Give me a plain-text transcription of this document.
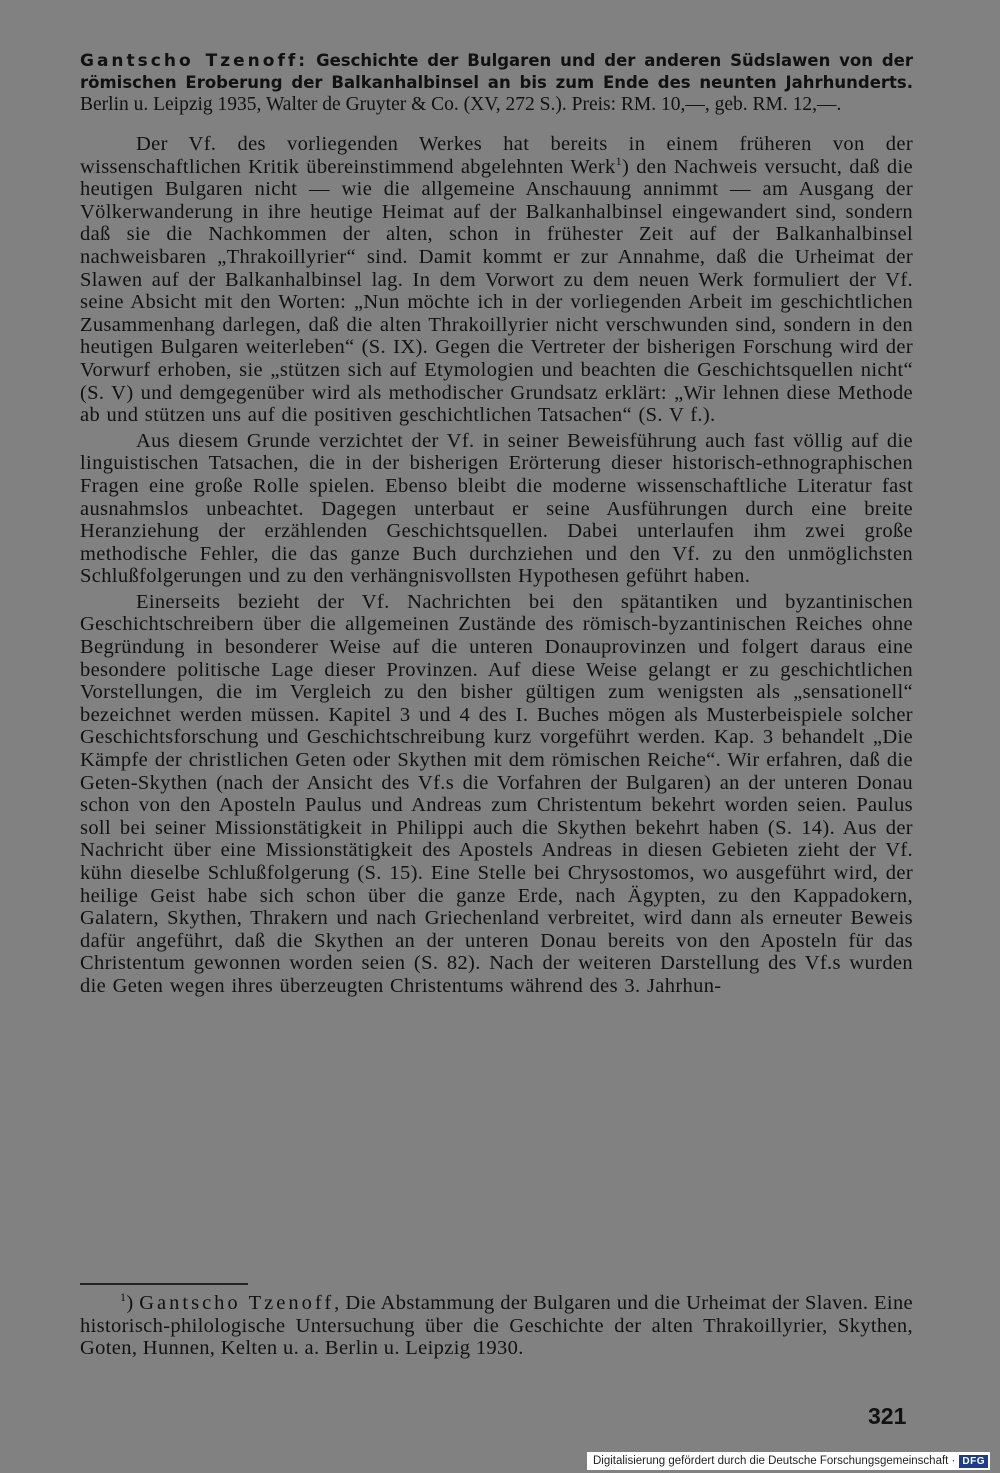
Gantscho Tzenoff: Geschichte der Bulgaren und der anderen Südslawen von der römischen Eroberung der Balkanhalbinsel an bis zum Ende des neunten Jahrhunderts. Berlin u. Leipzig 1935, Walter de Gruyter & Co. (XV, 272 S.). Preis: RM. 10,—, geb. RM. 12,—.

Der Vf. des vorliegenden Werkes hat bereits in einem früheren von der wissenschaftlichen Kritik übereinstimmend abgelehnten Werk$^1$) den Nachweis versucht, daß die heutigen Bulgaren nicht — wie die allgemeine Anschauung annimmt — am Ausgang der Völkerwanderung in ihre heutige Heimat auf der Balkanhalbinsel eingewandert sind, sondern daß sie die Nachkommen der alten, schon in frühester Zeit auf der Balkanhalbinsel nachweisbaren „Thrakoillyrier“ sind. Damit kommt er zur Annahme, daß die Urheimat der Slawen auf der Balkanhalbinsel lag. In dem Vorwort zu dem neuen Werk formuliert der Vf. seine Absicht mit den Worten: „Nun möchte ich in der vorliegenden Arbeit im geschichtlichen Zusammenhang darlegen, daß die alten Thrakoillyrier nicht verschwunden sind, sondern in den heutigen Bulgaren weiterleben“ (S. IX). Gegen die Vertreter der bisherigen Forschung wird der Vorwurf erhoben, sie „stützen sich auf Etymologien und beachten die Geschichtsquellen nicht“ (S. V) und demgegenüber wird als methodischer Grundsatz erklärt: „Wir lehnen diese Methode ab und stützen uns auf die positiven geschichtlichen Tatsachen“ (S. V f.).

Aus diesem Grunde verzichtet der Vf. in seiner Beweisführung auch fast völlig auf die linguistischen Tatsachen, die in der bisherigen Erörterung dieser historisch-ethnographischen Fragen eine große Rolle spielen. Ebenso bleibt die moderne wissenschaftliche Literatur fast ausnahmslos unbeachtet. Dagegen unterbaut er seine Ausführungen durch eine breite Heranziehung der erzählenden Geschichtsquellen. Dabei unterlaufen ihm zwei große methodische Fehler, die das ganze Buch durchziehen und den Vf. zu den unmöglichsten Schlußfolgerungen und zu den verhängnisvollsten Hypothesen geführt haben.

Einerseits bezieht der Vf. Nachrichten bei den spätantiken und byzantinischen Geschichtschreibern über die allgemeinen Zustände des römisch-byzantinischen Reiches ohne Begründung in besonderer Weise auf die unteren Donauprovinzen und folgert daraus eine besondere politische Lage dieser Provinzen. Auf diese Weise gelangt er zu geschichtlichen Vorstellungen, die im Vergleich zu den bisher gültigen zum wenigsten als „sensationell“ bezeichnet werden müssen. Kapitel 3 und 4 des I. Buches mögen als Musterbeispiele solcher Geschichtsforschung und Geschichtschreibung kurz vorgeführt werden. Kap. 3 behandelt „Die Kämpfe der christlichen Geten oder Skythen mit dem römischen Reiche“. Wir erfahren, daß die Geten-Skythen (nach der Ansicht des Vf.s die Vorfahren der Bulgaren) an der unteren Donau schon von den Aposteln Paulus und Andreas zum Christentum bekehrt worden seien. Paulus soll bei seiner Missionstätigkeit in Philippi auch die Skythen bekehrt haben (S. 14). Aus der Nachricht über eine Missionstätigkeit des Apostels Andreas in diesen Gebieten zieht der Vf. kühn dieselbe Schlußfolgerung (S. 15). Eine Stelle bei Chrysostomos, wo ausgeführt wird, der heilige Geist habe sich schon über die ganze Erde, nach Ägypten, zu den Kappadokern, Galatern, Skythen, Thrakern und nach Griechenland verbreitet, wird dann als erneuter Beweis dafür angeführt, daß die Skythen an der unteren Donau bereits von den Aposteln für das Christentum gewonnen worden seien (S. 82). Nach der weiteren Darstellung des Vf.s wurden die Geten wegen ihres überzeugten Christentums während des 3. Jahrhun-

$^1$) Gantscho Tzenoff, Die Abstammung der Bulgaren und die Urheimat der Slaven. Eine historisch-philologische Untersuchung über die Geschichte der alten Thrakoillyrier, Skythen, Goten, Hunnen, Kelten u. a. Berlin u. Leipzig 1930.
321
Digitalisierung gefördert durch die Deutsche Forschungsgemeinschaft · DFG
